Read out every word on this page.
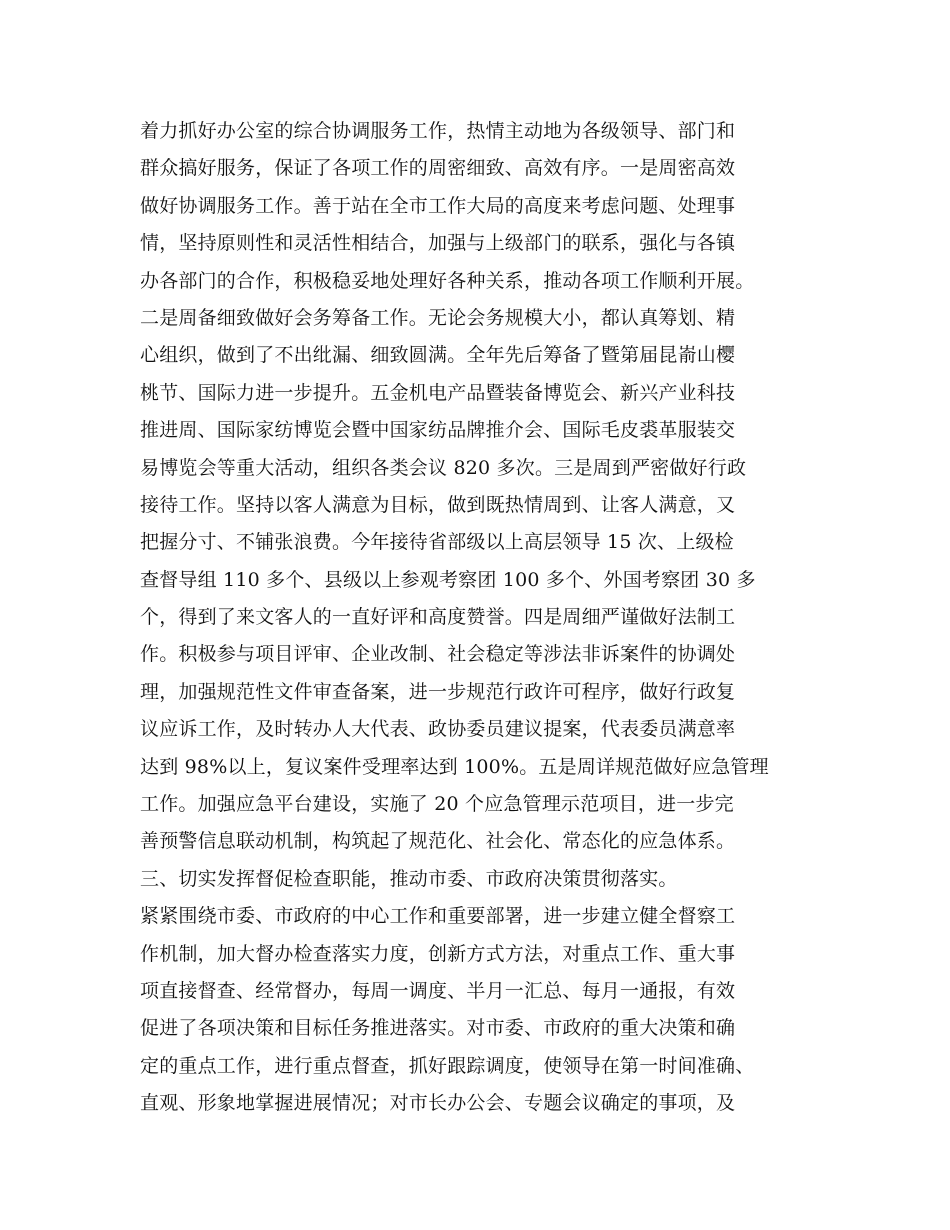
着力抓好办公室的综合协调服务工作，热情主动地为各级领导、部门和
群众搞好服务，保证了各项工作的周密细致、高效有序。一是周密高效
做好协调服务工作。善于站在全市工作大局的高度来考虑问题、处理事
情，坚持原则性和灵活性相结合，加强与上级部门的联系，强化与各镇
办各部门的合作，积极稳妥地处理好各种关系，推动各项工作顺利开展。
二是周备细致做好会务筹备工作。无论会务规模大小，都认真筹划、精
心组织，做到了不出纰漏、细致圆满。全年先后筹备了暨第届昆嵛山樱
桃节、国际力进一步提升。五金机电产品暨装备博览会、新兴产业科技
推进周、国际家纺博览会暨中国家纺品牌推介会、国际毛皮裘革服装交
易博览会等重大活动，组织各类会议 820 多次。三是周到严密做好行政
接待工作。坚持以客人满意为目标，做到既热情周到、让客人满意，又
把握分寸、不铺张浪费。今年接待省部级以上高层领导 15 次、上级检
查督导组 110 多个、县级以上参观考察团 100 多个、外国考察团 30 多
个，得到了来文客人的一直好评和高度赞誉。四是周细严谨做好法制工
作。积极参与项目评审、企业改制、社会稳定等涉法非诉案件的协调处
理，加强规范性文件审查备案，进一步规范行政许可程序，做好行政复
议应诉工作，及时转办人大代表、政协委员建议提案，代表委员满意率
达到 98%以上，复议案件受理率达到 100%。五是周详规范做好应急管理
工作。加强应急平台建设，实施了 20 个应急管理示范项目，进一步完
善预警信息联动机制，构筑起了规范化、社会化、常态化的应急体系。
三、切实发挥督促检查职能，推动市委、市政府决策贯彻落实。
紧紧围绕市委、市政府的中心工作和重要部署，进一步建立健全督察工
作机制，加大督办检查落实力度，创新方式方法，对重点工作、重大事
项直接督查、经常督办，每周一调度、半月一汇总、每月一通报，有效
促进了各项决策和目标任务推进落实。对市委、市政府的重大决策和确
定的重点工作，进行重点督查，抓好跟踪调度，使领导在第一时间准确、
直观、形象地掌握进展情况；对市长办公会、专题会议确定的事项，及
